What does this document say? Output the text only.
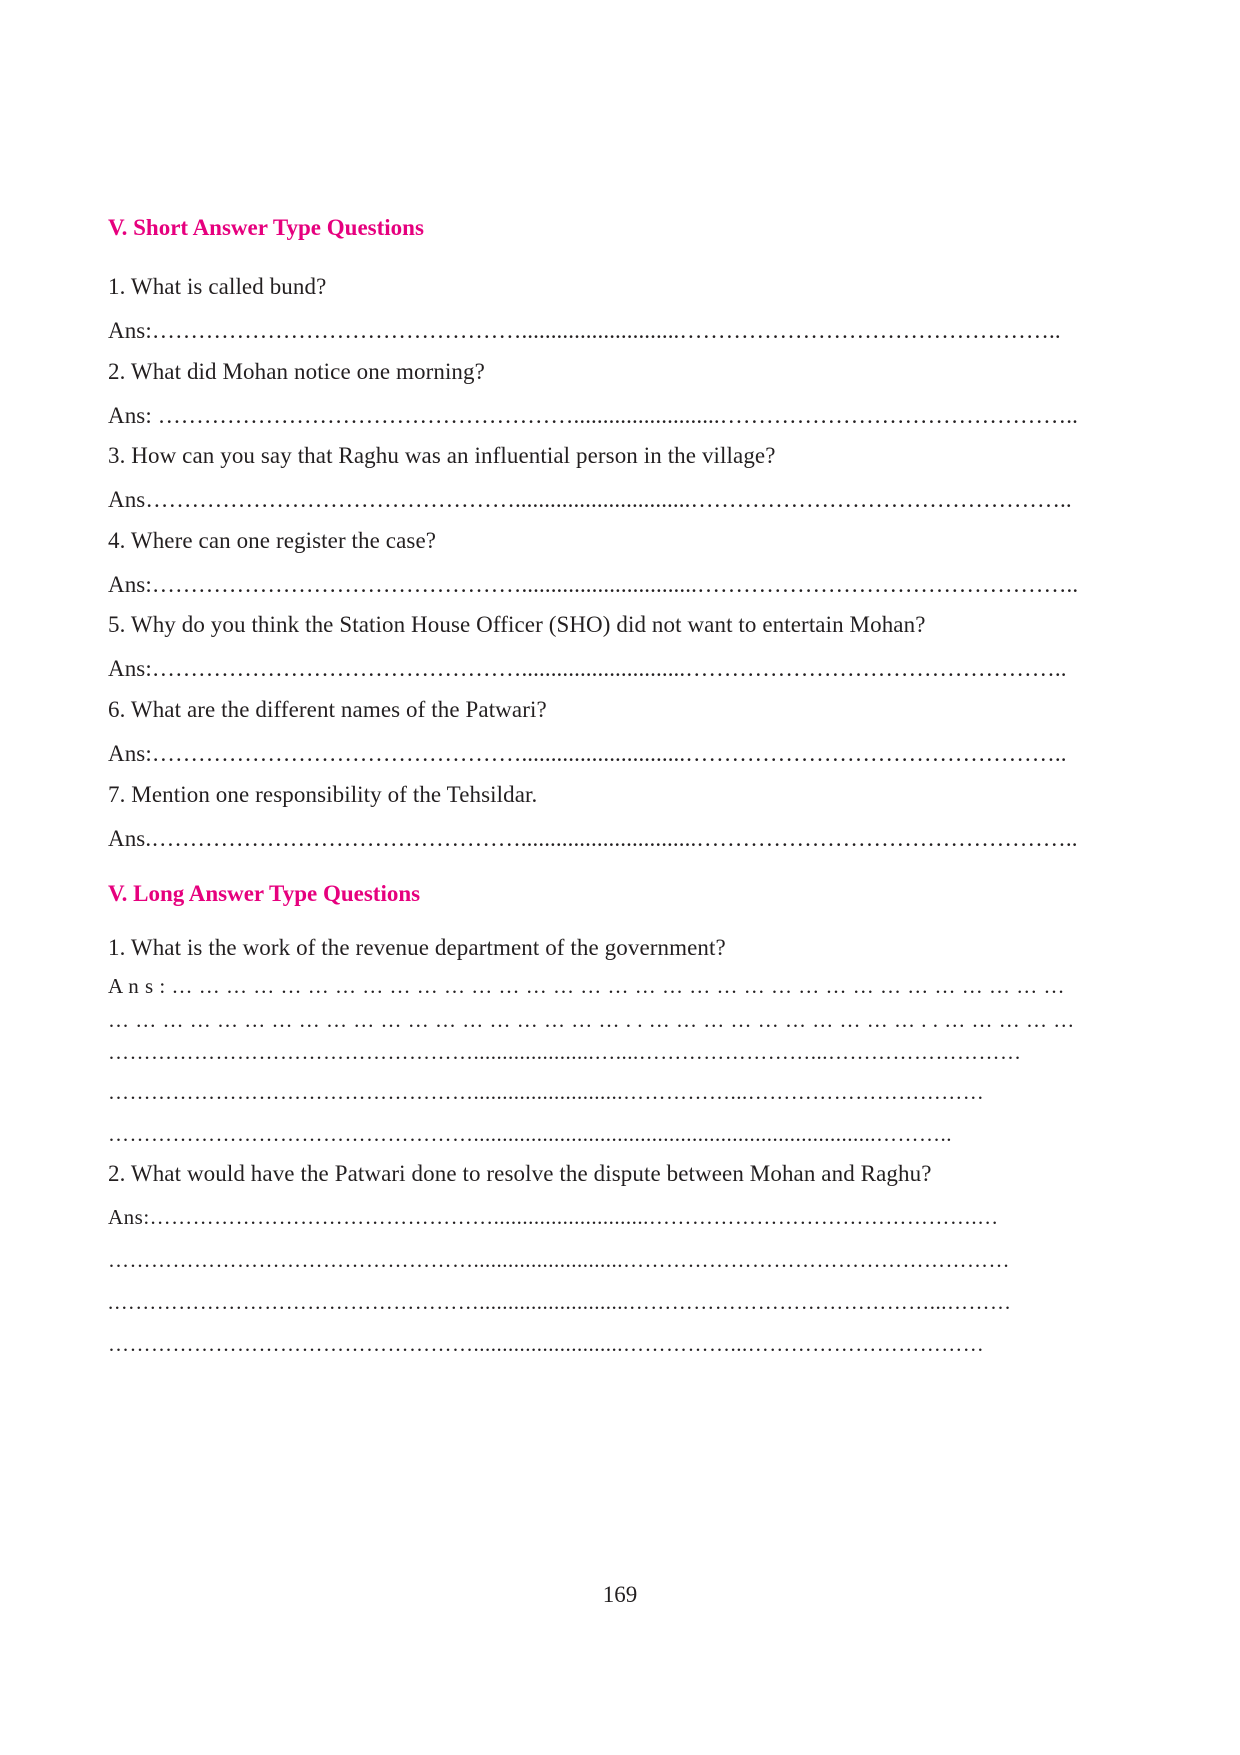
V. Short Answer Type Questions
1. What is called bund?
Ans:…………………………………………...........................…………………………………………..
2. What did Mohan notice one morning?
Ans: ……………………………………………….........................………………………………………..
3. How can you say that Raghu was an influential person in the village?
Ans…………………………………………..............................…………………………………………..
4. Where can one register the case?
Ans:…………………………………………..............................…………………………………………..
5. Why do you think the Station House Officer (SHO) did not want to entertain Mohan?
Ans:…………………………………………............................…………………………………………..
6. What are the different names of the Patwari?
Ans:…………………………………………............................…………………………………………..
7. Mention one responsibility of the Tehsildar.
Ans.…………………………………………..............................…………………………………………..
V. Long Answer Type Questions
1. What is the work of the revenue department of the government?
A n s : … … … … … … … … … … … … … … … … … … … … … … … … … … … … … … … … …
… … … … … … … … … … … … … … … … … … … . . … … … … … … … … … … . . … … … … …
…………………………………………….....................…....……………………...………………………
……………………………………………..........................……………...……………………………
……………………………………………......................................................................………..
2. What would have the Patwari done to resolve the dispute between Mohan and Raghu?
Ans:…………………………………………...........................……………………………………….…
……………………………………………..........................………………………………………………
.……………………………………………..........................……………………………………...………
……………………………………………..........................……………...……………………………
169
